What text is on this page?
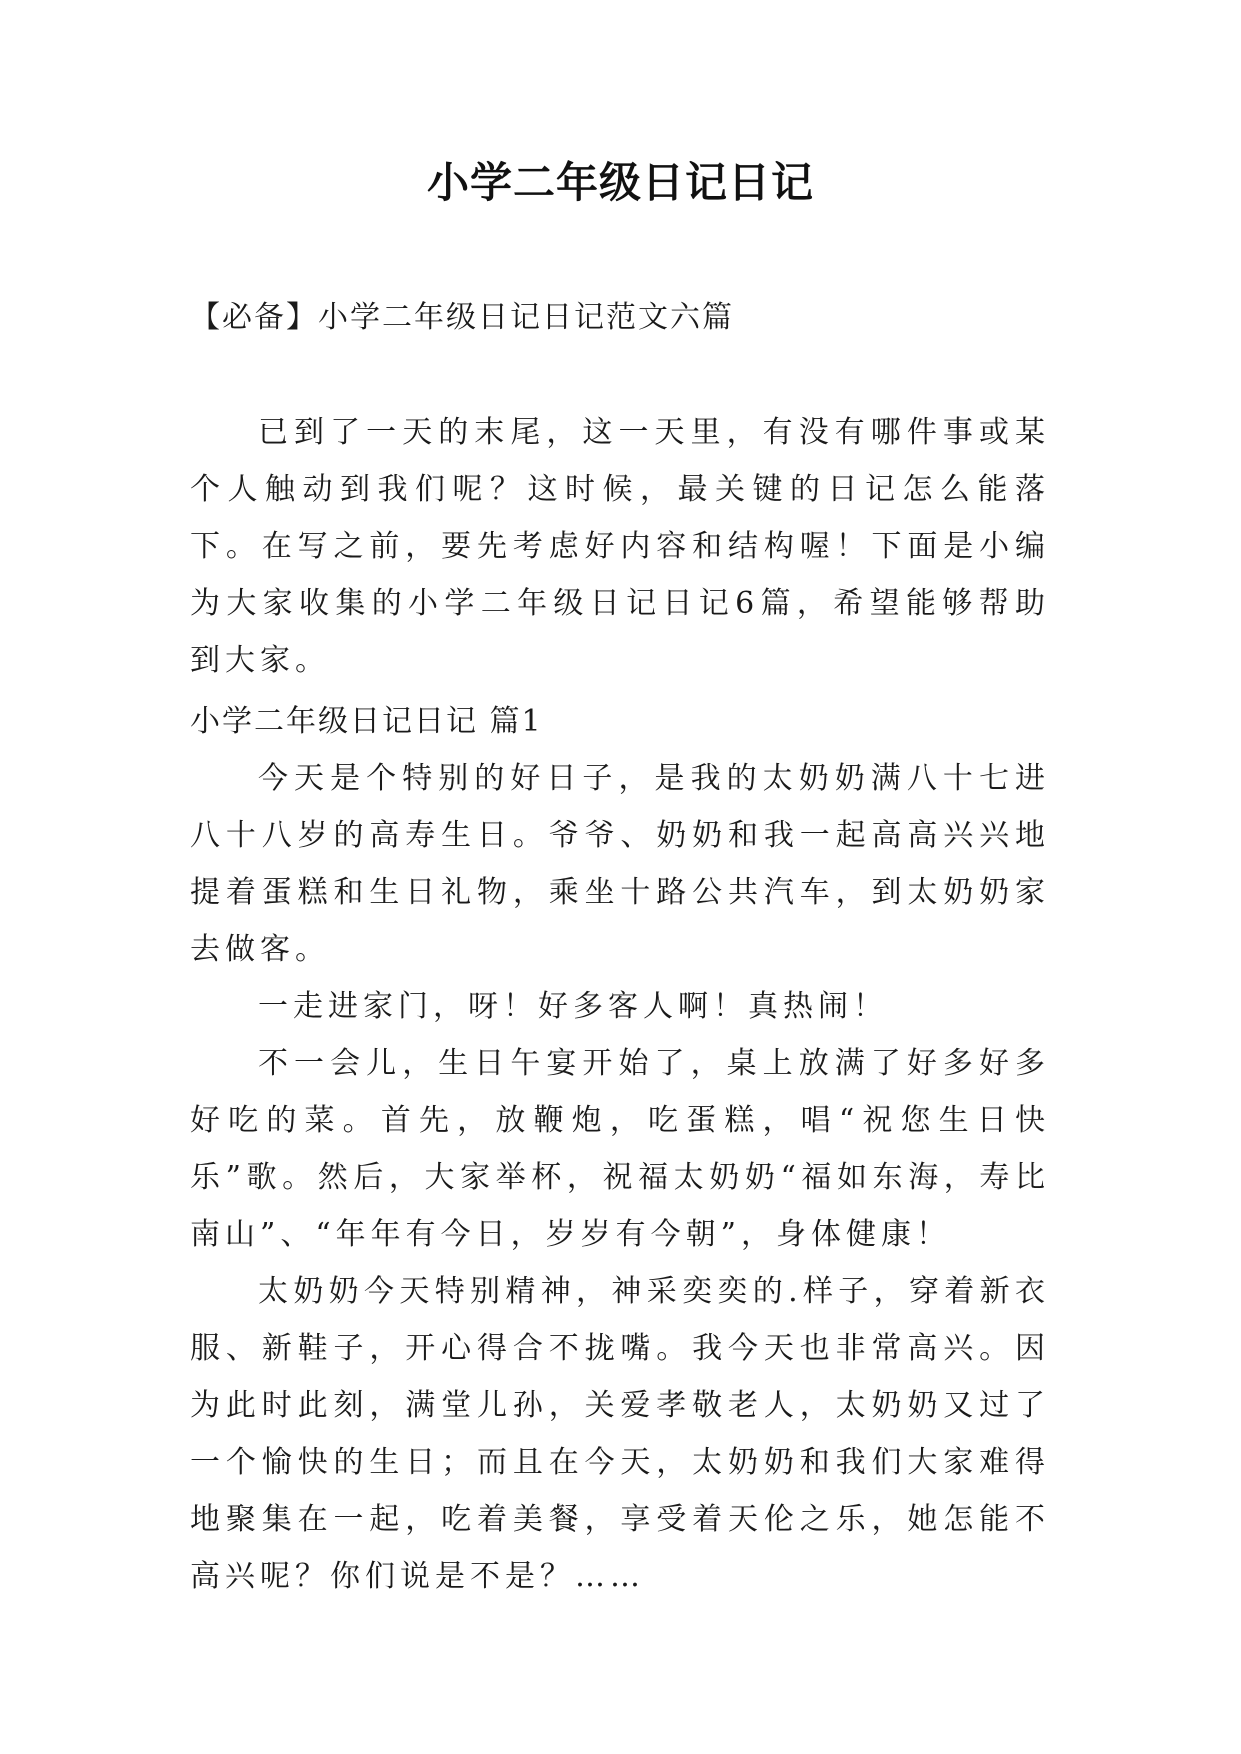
小学二年级日记日记
【必备】小学二年级日记日记范文六篇

已到了一天的末尾，这一天里，有没有哪件事或某个人触动到我们呢？这时候，最关键的日记怎么能落下。在写之前，要先考虑好内容和结构喔！下面是小编为大家收集的小学二年级日记日记6篇，希望能够帮助到大家。

小学二年级日记日记 篇1

今天是个特别的好日子，是我的太奶奶满八十七进八十八岁的高寿生日。爷爷、奶奶和我一起高高兴兴地提着蛋糕和生日礼物，乘坐十路公共汽车，到太奶奶家去做客。

一走进家门，呀！好多客人啊！真热闹！

不一会儿，生日午宴开始了，桌上放满了好多好多好吃的菜。首先，放鞭炮，吃蛋糕，唱“祝您生日快乐”歌。然后，大家举杯，祝福太奶奶“福如东海，寿比南山”、“年年有今日，岁岁有今朝”，身体健康！

太奶奶今天特别精神，神采奕奕的.样子，穿着新衣服、新鞋子，开心得合不拢嘴。我今天也非常高兴。因为此时此刻，满堂儿孙，关爱孝敬老人，太奶奶又过了一个愉快的生日；而且在今天，太奶奶和我们大家难得地聚集在一起，吃着美餐，享受着天伦之乐，她怎能不高兴呢？你们说是不是？……
